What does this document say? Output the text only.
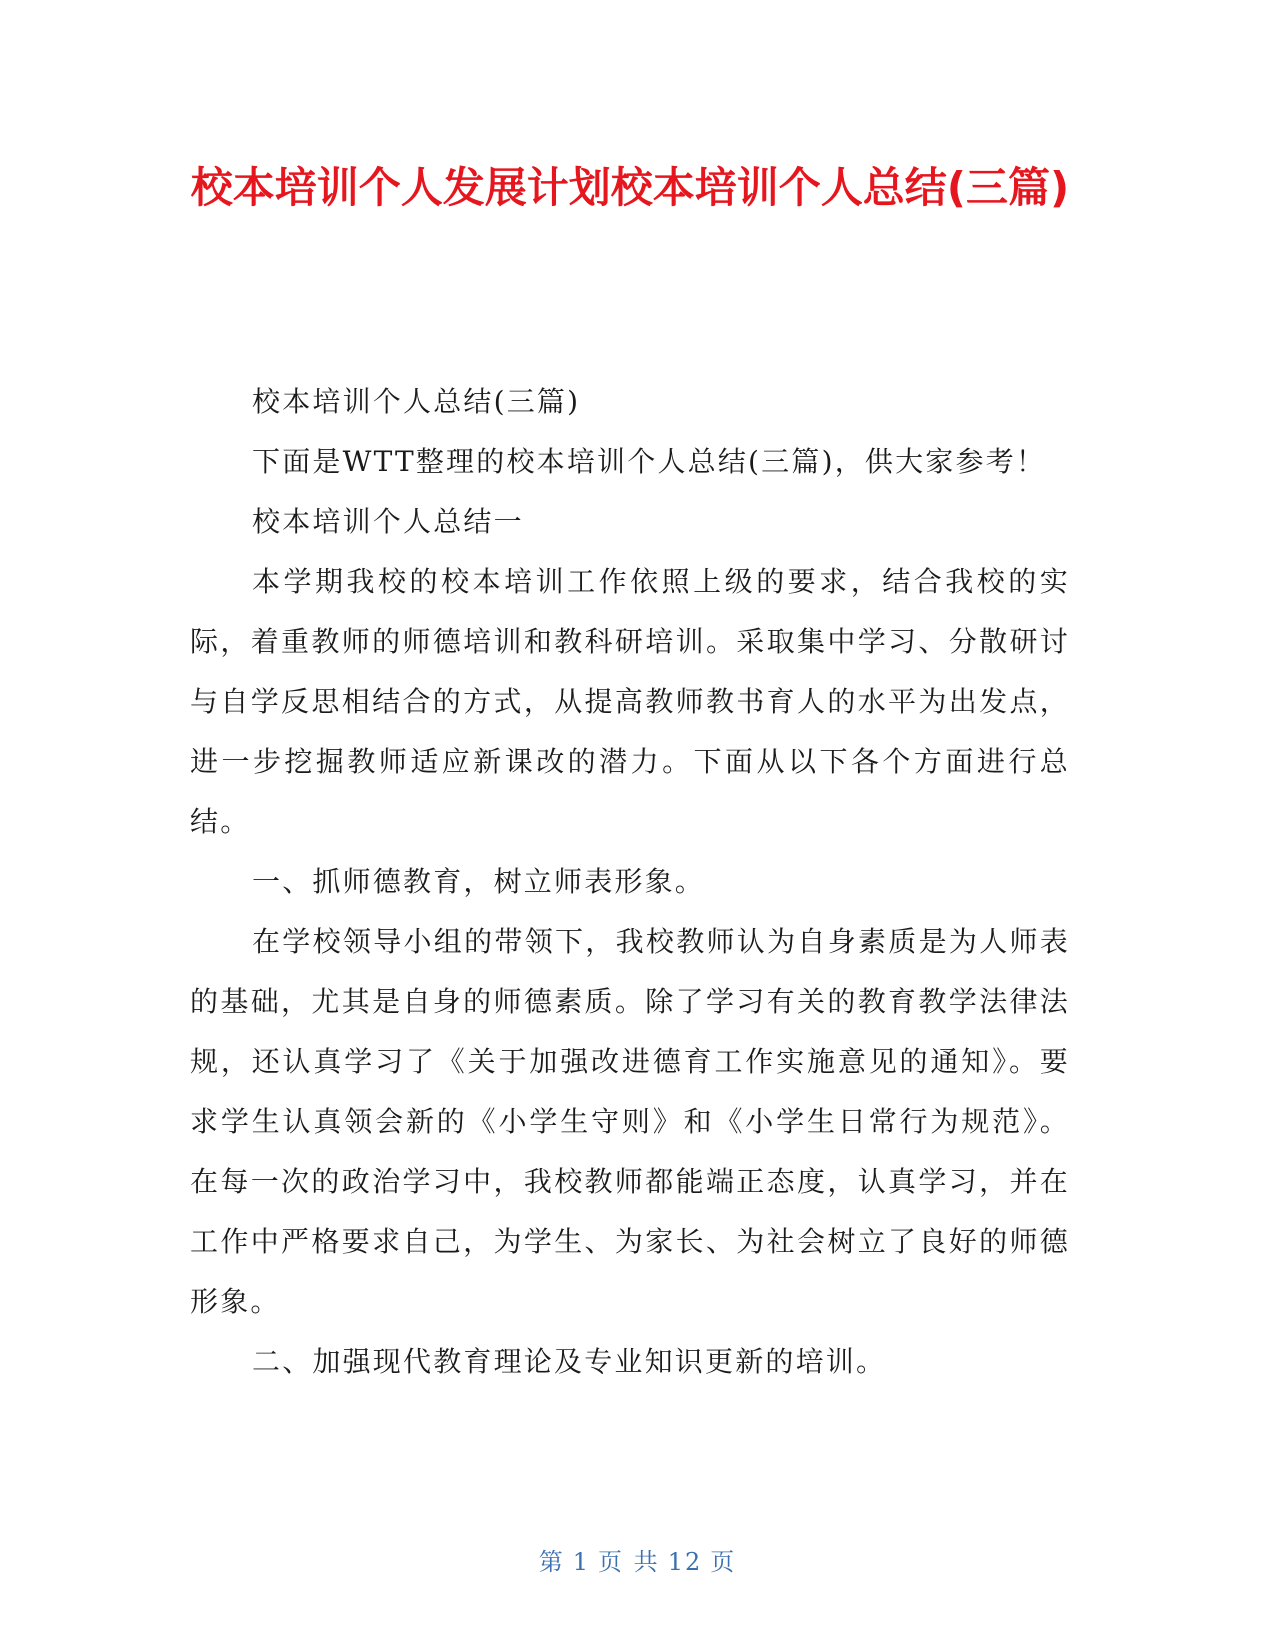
校本培训个人发展计划校本培训个人总结(三篇)

校本培训个人总结(三篇)

下面是WTT整理的校本培训个人总结(三篇)，供大家参考！

校本培训个人总结一

本学期我校的校本培训工作依照上级的要求，结合我校的实际，着重教师的师德培训和教科研培训。采取集中学习、分散研讨与自学反思相结合的方式，从提高教师教书育人的水平为出发点，进一步挖掘教师适应新课改的潜力。下面从以下各个方面进行总结。

一、抓师德教育，树立师表形象。

在学校领导小组的带领下，我校教师认为自身素质是为人师表的基础，尤其是自身的师德素质。除了学习有关的教育教学法律法规，还认真学习了《关于加强改进德育工作实施意见的通知》。要求学生认真领会新的《小学生守则》和《小学生日常行为规范》。在每一次的政治学习中，我校教师都能端正态度，认真学习，并在工作中严格要求自己，为学生、为家长、为社会树立了良好的师德形象。

二、加强现代教育理论及专业知识更新的培训。

第 1 页 共 12 页
